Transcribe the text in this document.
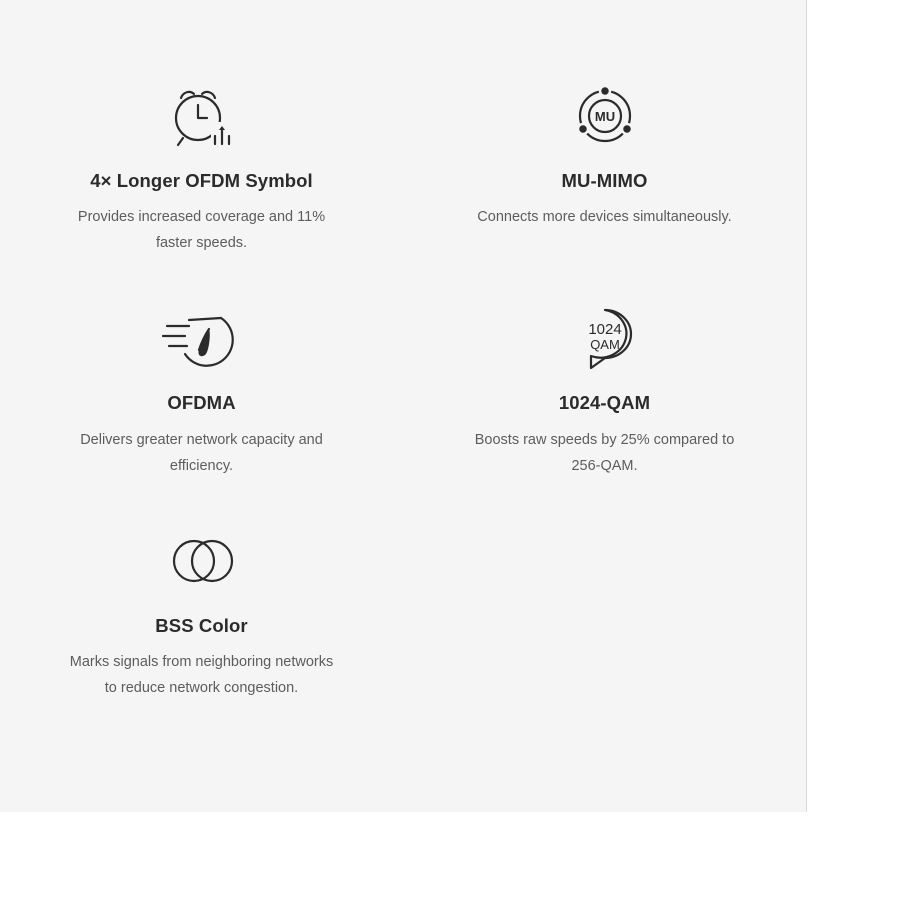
4× Longer OFDM Symbol
Provides increased coverage and 11% faster speeds.
MU
MU-MIMO
Connects more devices simultaneously.
OFDMA
Delivers greater network capacity and efficiency.
1024
QAM
1024-QAM
Boosts raw speeds by 25% compared to 256-QAM.
BSS Color
Marks signals from neighboring networks to reduce network congestion.
